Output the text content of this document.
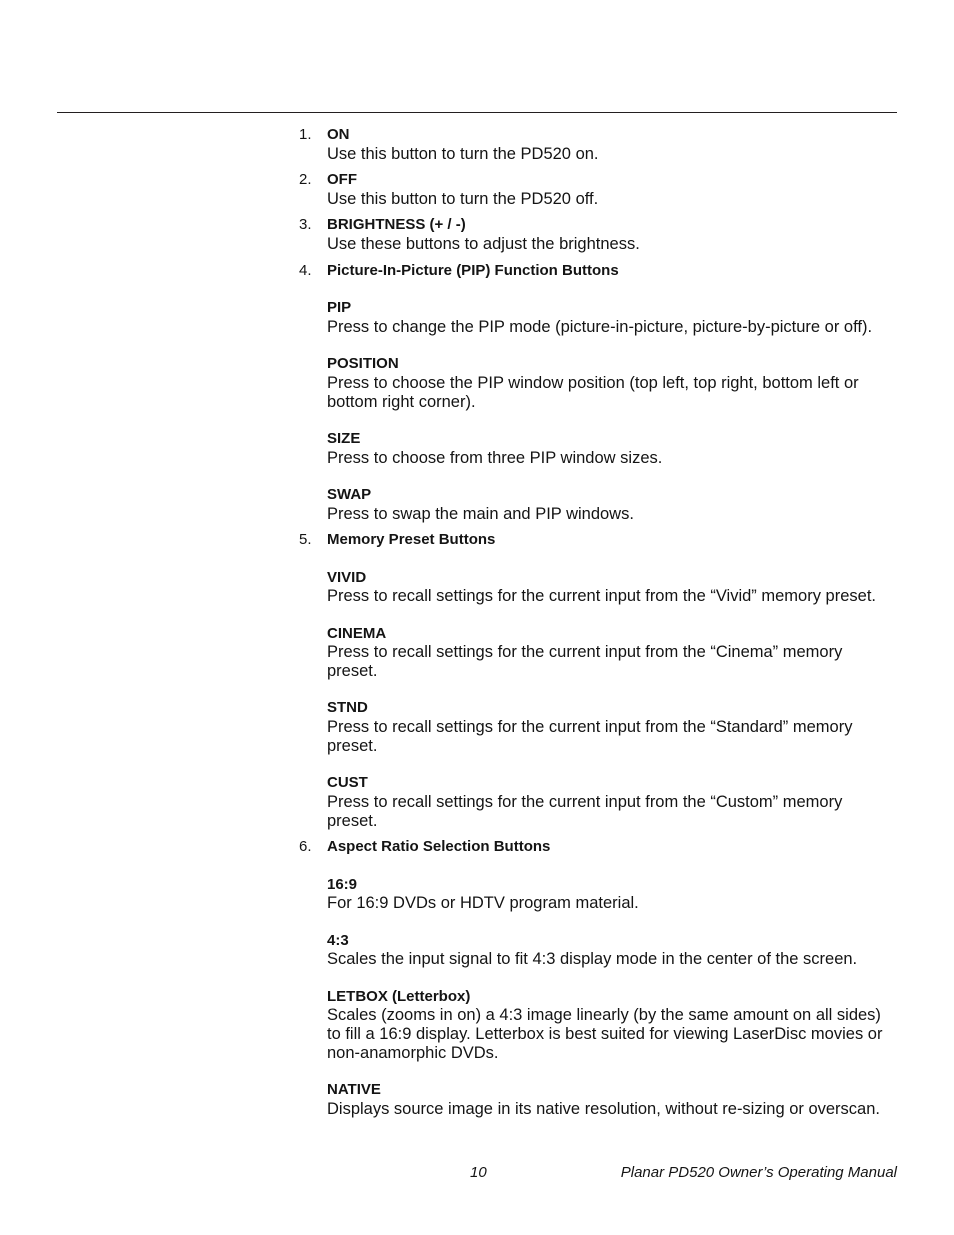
1.	ON
Use this button to turn the PD520 on.
2.	OFF
Use this button to turn the PD520 off.
3.	BRIGHTNESS (+ / -)
Use these buttons to adjust the brightness.
4.	Picture-In-Picture (PIP) Function Buttons
PIP
Press to change the PIP mode (picture-in-picture, picture-by-picture or off).
POSITION
Press to choose the PIP window position (top left, top right, bottom left or
bottom right corner).
SIZE
Press to choose from three PIP window sizes.
SWAP
Press to swap the main and PIP windows.
5.	Memory Preset Buttons
VIVID
Press to recall settings for the current input from the “Vivid” memory preset.
CINEMA
Press to recall settings for the current input from the “Cinema” memory
preset.
STND
Press to recall settings for the current input from the “Standard” memory
preset.
CUST
Press to recall settings for the current input from the “Custom” memory
preset.
6.	Aspect Ratio Selection Buttons
16:9
For 16:9 DVDs or HDTV program material.
4:3
Scales the input signal to fit 4:3 display mode in the center of the screen.
LETBOX (Letterbox)
Scales (zooms in on) a 4:3 image linearly (by the same amount on all sides)
to fill a 16:9 display. Letterbox is best suited for viewing LaserDisc movies or
non-anamorphic DVDs.
NATIVE
Displays source image in its native resolution, without re-sizing or overscan.
10	Planar PD520 Owner’s Operating Manual
